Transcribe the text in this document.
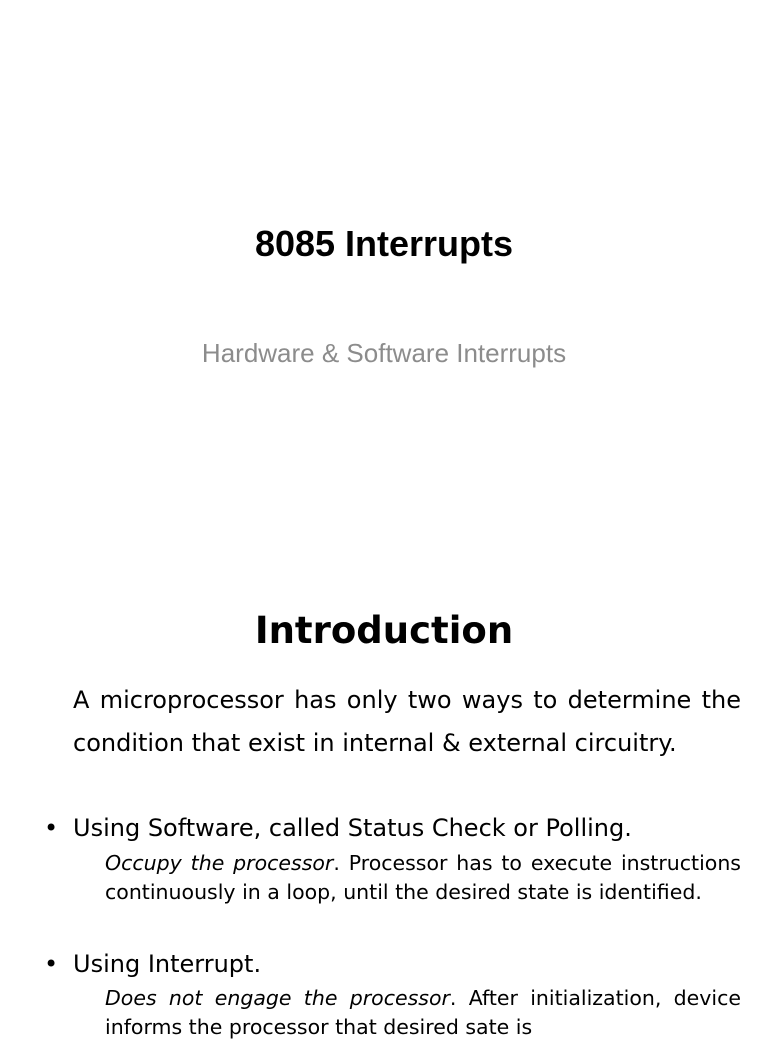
8085 Interrupts
Hardware & Software Interrupts
Introduction
A microprocessor has only two ways to determine the condition that exist in internal & external circuitry.
• Using Software, called Status Check or Polling.
Occupy the processor. Processor has to execute instructions continuously in a loop, until the desired state is identified.
• Using Interrupt.
Does not engage the processor. After initialization, device informs the processor that desired sate is
